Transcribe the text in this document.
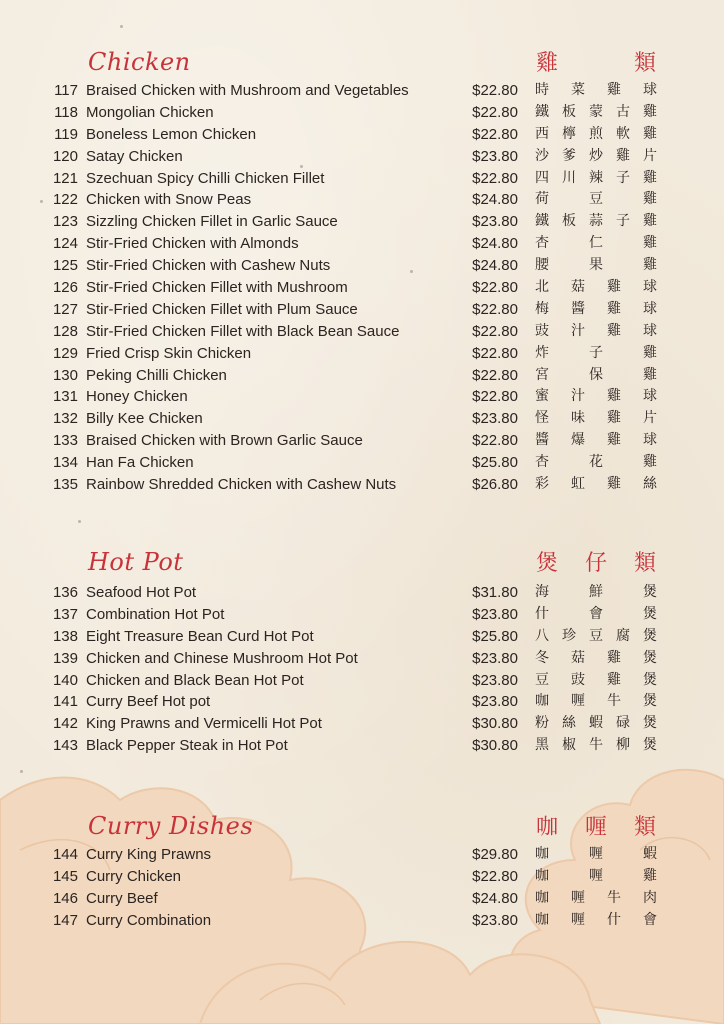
Chicken	雞	類
117 Braised Chicken with Mushroom and Vegetables	$22.80 時 菜 雞 球
118 Mongolian Chicken	$22.80 鐵 板 蒙 古 雞
119 Boneless Lemon Chicken	$22.80 西 檸 煎 軟 雞
120 Satay Chicken	$23.80 沙 爹 炒 雞 片
121 Szechuan Spicy Chilli Chicken Fillet	$22.80 四 川 辣 子 雞
122 Chicken with Snow Peas	$24.80 荷	豆	雞
123 Sizzling Chicken Fillet in Garlic Sauce	$23.80 鐵 板 蒜 子 雞
124 Stir-Fried Chicken with Almonds	$24.80 杏	仁	雞
125 Stir-Fried Chicken with Cashew Nuts	$24.80 腰	果	雞
126 Stir-Fried Chicken Fillet with Mushroom	$22.80 北 菇 雞 球
127 Stir-Fried Chicken Fillet with Plum Sauce	$22.80 梅 醬 雞 球
128 Stir-Fried Chicken Fillet with Black Bean Sauce	$22.80 豉 汁 雞 球
129 Fried Crisp Skin Chicken	$22.80 炸	子	雞
130 Peking Chilli Chicken	$22.80 宮	保	雞
131 Honey Chicken	$22.80 蜜 汁 雞 球
132 Billy Kee Chicken	$23.80 怪 味 雞 片
133 Braised Chicken with Brown Garlic Sauce	$22.80 醬 爆 雞 球
134 Han Fa Chicken	$25.80 杏	花	雞
135 Rainbow Shredded Chicken with Cashew Nuts	$26.80 彩 虹 雞 絲
Hot Pot	煲 仔 類
136 Seafood Hot Pot	$31.80 海	鮮	煲
137 Combination Hot Pot	$23.80 什	會	煲
138 Eight Treasure Bean Curd Hot Pot	$25.80 八 珍 豆 腐 煲
139 Chicken and Chinese Mushroom Hot Pot	$23.80 冬 菇 雞 煲
140 Chicken and Black Bean Hot Pot	$23.80 豆 豉 雞 煲
141 Curry Beef Hot pot	$23.80 咖 喱 牛 煲
142 King Prawns and Vermicelli Hot Pot	$30.80 粉 絲 蝦 碌 煲
143 Black Pepper Steak in Hot Pot	$30.80 黑 椒 牛 柳 煲
Curry Dishes	咖 喱 類
144 Curry King Prawns	$29.80 咖	喱	蝦
145 Curry Chicken	$22.80 咖	喱	雞
146 Curry Beef	$24.80 咖 喱 牛 肉
147 Curry Combination	$23.80 咖 喱 什 會
